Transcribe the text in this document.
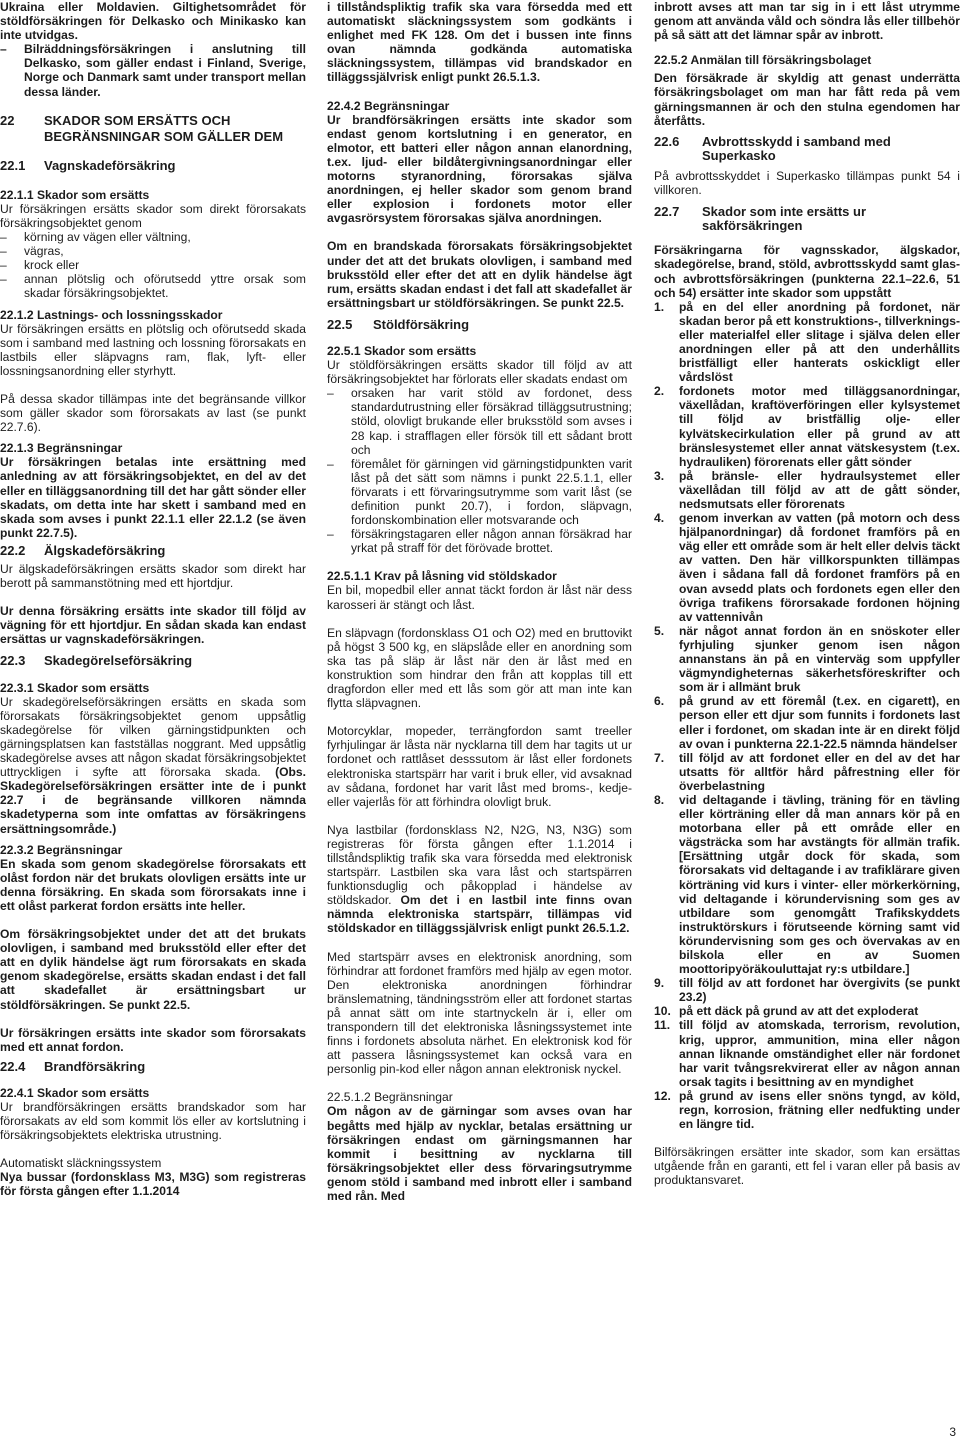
Ukraina eller Moldavien. Giltighetsområdet för stöldförsäkringen för Delkasko och Minikasko kan inte utvidgas.

–	Bilräddningsförsäkringen i anslutning till Delkasko, som gäller endast i Finland, Sverige, Norge och Danmark samt under transport mellan dessa länder.
22	SKADOR SOM ERSÄTTS OCH BEGRÄNSNINGAR SOM GÄLLER DEM
22.1	Vagnskadeförsäkring

22.1.1 Skador som ersätts

Ur försäkringen ersätts skador som direkt förorsakats försäkringsobjektet genom

–	körning av vägen eller vältning,
–	vägras,
–	krock eller
–	annan plötslig och oförutsedd yttre orsak som skadar försäkringsobjektet.

22.1.2 Lastnings- och lossningsskador

Ur försäkringen ersätts en plötslig och oförutsedd skada som i samband med lastning och lossning förorsakats en lastbils eller släpvagns ram, flak, lyft- eller lossningsanordning eller styrhytt.

På dessa skador tillämpas inte det begränsande villkor som gäller skador som förorsakats av last (se punkt 22.7.6).

22.1.3 Begränsningar

Ur försäkringen betalas inte ersättning med anledning av att försäkringsobjektet, en del av det eller en tilläggsanordning till det har gått sönder eller skadats, om detta inte har skett i samband med en skada som avses i punkt 22.1.1 eller 22.1.2 (se även punkt 22.7.5).

22.2	Älgskadeförsäkring

Ur älgskadeförsäkringen ersätts skador som direkt har berott på sammanstötning med ett hjortdjur.

Ur denna försäkring ersätts inte skador till följd av vägning för ett hjortdjur. En sådan skada kan endast ersättas ur vagnskadeförsäkringen.

22.3	Skadegörelseförsäkring

22.3.1 Skador som ersätts

Ur skadegörelseförsäkringen ersätts en skada som förorsakats försäkringsobjektet genom uppsåtlig skadegörelse för vilken gärningstidpunkten och gärningsplatsen kan fastställas noggrant. Med uppsåtlig skadegörelse avses att någon skadat försäkringsobjektet uttryckligen i syfte att förorsaka skada. (Obs. Skadegörelseförsäkringen ersätter inte de i punkt 22.7 i de begränsande villkoren nämnda skadetyperna som inte omfattas av försäkringens ersättningsområde.)

22.3.2 Begränsningar

En skada som genom skadegörelse förorsakats ett olåst fordon när det brukats olovligen ersätts inte ur denna försäkring. En skada som förorsakats inne i ett olåst parkerat fordon ersätts inte heller.

Om försäkringsobjektet under det att det brukats olovligen, i samband med bruksstöld eller efter det att en dylik händelse ägt rum förorsakats en skada genom skadegörelse, ersätts skadan endast i det fall att skadefallet är ersättningsbart ur stöldförsäkringen. Se punkt 22.5.

Ur försäkringen ersätts inte skador som förorsakats med ett annat fordon.

22.4	Brandförsäkring

22.4.1 Skador som ersätts

Ur brandförsäkringen ersätts brandskador som har förorsakats av eld som kommit lös eller av kortslutning i försäkringsobjektets elektriska utrustning.

Automatiskt släckningssystem

Nya bussar (fordonsklass M3, M3G) som registreras för första gången efter 1.1.2014

i tillståndspliktig trafik ska vara försedda med ett automatiskt släckningssystem som godkänts i enlighet med FK 128. Om det i bussen inte finns ovan nämnda godkända automatiska släckningssystem, tillämpas vid brandskador en tilläggssjälvrisk enligt punkt 26.5.1.3.

22.4.2 Begränsningar

Ur brandförsäkringen ersätts inte skador som endast genom kortslutning i en generator, en elmotor, ett batteri eller någon annan elanordning, t.ex. ljud- eller bildåtergivningsanordningar eller motorns styranordning, förorsakas själva anordningen, ej heller skador som genom brand eller explosion i fordonets motor eller avgasrörsystem förorsakas själva anordningen.

Om en brandskada förorsakats försäkringsobjektet under det att det brukats olovligen, i samband med bruksstöld eller efter det att en dylik händelse ägt rum, ersätts skadan endast i det fall att skadefallet är ersättningsbart ur stöldförsäkringen. Se punkt 22.5.

22.5	Stöldförsäkring

22.5.1 Skador som ersätts

Ur stöldförsäkringen ersätts skador till följd av att försäkringsobjektet har förlorats eller skadats endast om

–	orsaken har varit stöld av fordonet, dess standardutrustning eller försäkrad tilläggsutrustning; stöld, olovligt brukande eller bruksstöld som avses i 28 kap. i strafflagen eller försök till ett sådant brott och
–	föremålet för gärningen vid gärningstidpunkten varit låst på det sätt som nämns i punkt 22.5.1.1, eller förvarats i ett förvaringsutrymme som varit låst (se definition punkt 20.7), i fordon, släpvagn, fordonskombination eller motsvarande och
–	försäkringstagaren eller någon annan försäkrad har yrkat på straff för det förövade brottet.

22.5.1.1 Krav på låsning vid stöldskador

En bil, mopedbil eller annat täckt fordon är låst när dess karosseri är stängt och låst.

En släpvagn (fordonsklass O1 och O2) med en bruttovikt på högst 3 500 kg, en släpslåde eller en anordning som ska tas på släp är låst när den är låst med en konstruktion som hindrar den från att kopplas till ett dragfordon eller med ett lås som gör att man inte kan flytta släpvagnen.

Motorcyklar, mopeder, terrängfordon samt treeller fyrhjulingar är låsta när nycklarna till dem har tagits ut ur fordonet och rattlåset desssutom är låst eller fordonets elektroniska startspärr har varit i bruk eller, vid avsaknad av sådana, fordonet har varit låst med broms-, kedje- eller vajerlås för att förhindra olovligt bruk.

Nya lastbilar (fordonsklass N2, N2G, N3, N3G) som registreras för första gången efter 1.1.2014 i tillståndspliktig trafik ska vara försedda med elektronisk startspärr. Lastbilen ska vara låst och startspärren funktionsduglig och påkopplad i händelse av stöldskador. Om det i en lastbil inte finns ovan nämnda elektroniska startspärr, tillämpas vid stöldskador en tilläggssjälvrisk enligt punkt 26.5.1.2.

Med startspärr avses en elektronisk anordning, som förhindrar att fordonet framförs med hjälp av egen motor. Den elektroniska anordningen förhindrar bränslematning, tändningsström eller att fordonet startas på annat sätt om inte startnyckeln är i, eller om transpondern till det elektroniska låsningssystemet inte finns i fordonets absoluta närhet. En elektronisk kod för att passera låsningssystemet kan också vara en personlig pin-kod eller någon annan elektronisk nyckel.

22.5.1.2 Begränsningar

Om någon av de gärningar som avses ovan har begåtts med hjälp av nycklar, betalas ersättning ur försäkringen endast om gärningsmannen har kommit i besittning av nycklarna till försäkringsobjektet eller dess förvaringsutrymme genom stöld i samband med inbrott eller i samband med rån. Med

inbrott avses att man tar sig in i ett låst utrymme genom att använda våld och söndra lås eller tillbehör på så sätt att det lämnar spår av inbrott.

22.5.2 Anmälan till försäkringsbolaget

Den försäkrade är skyldig att genast underrätta försäkringsbolaget om man har fått reda på vem gärningsmannen är och den stulna egendomen har återfåtts.

22.6	Avbrottsskydd i samband med Superkasko

På avbrottsskyddet i Superkasko tillämpas punkt 54 i villkoren.

22.7	Skador som inte ersätts ur sakförsäkringen

Försäkringarna för vagnsskador, älgskador, skadegörelse, brand, stöld, avbrottsskydd samt glas- och avbrottsförsäkringen (punkterna 22.1–22.6, 51 och 54) ersätter inte skador som uppstått

1.	på en del eller anordning på fordonet, när skadan beror på ett konstruktions-, tillverknings- eller materialfel eller slitage i själva delen eller anordningen eller på att den underhållits bristfälligt eller hanterats oskickligt eller vårdslöst
2.	fordonets motor med tilläggsanordningar, växellådan, kraftöverföringen eller kylsystemet till följd av bristfällig olje- eller kylvätskecirkulation eller på grund av att bränslesystemet eller annat vätskesystem (t.ex. hydrauliken) förorenats eller gått sönder
3.	på bränsle- eller hydraulsystemet eller växellådan till följd av att de gått sönder, nedsmutsats eller förorenats
4.	genom inverkan av vatten (på motorn och dess hjälpanordningar) då fordonet framförs på en väg eller ett område som är helt eller delvis täckt av vatten. Den här villkorspunkten tillämpas även i sådana fall då fordonet framförs på en ovan avsedd plats och fordonets egen eller den övriga trafikens förorsakade fordonen höjning av vattennivån
5.	när något annat fordon än en snöskoter eller fyrhjuling sjunker genom isen någon annanstans än på en vinterväg som uppfyller vägmyndigheternas säkerhetsföreskrifter och som är i allmänt bruk
6.	på grund av ett föremål (t.ex. en cigarett), en person eller ett djur som funnits i fordonets last eller i fordonet, om skadan inte är en direkt följd av ovan i punkterna 22.1-22.5 nämnda händelser
7.	till följd av att fordonet eller en del av det har utsatts för alltför hård påfrestning eller för överbelastning
8.	vid deltagande i tävling, träning för en tävling eller körträning eller då man annars kör på en motorbana eller på ett område eller en vägsträcka som har avstängts för allmän trafik. [Ersättning utgår dock för skada, som förorsakats vid deltagande i av trafiklärare given körträning vid kurs i vinter- eller mörkerkörning, vid deltagande i körundervisning som ges av utbildare som genomgått Trafikskyddets instruktörskurs i förutseende körning samt vid körundervisning som ges och övervakas av en bilskola eller en av Suomen moottoripyöräkouluttajat ry:s utbildare.]
9.	till följd av att fordonet har övergivits (se punkt 23.2)
10. på ett däck på grund av att det exploderat
11. till följd av atomskada, terrorism, revolution, krig, uppror, ammunition, mina eller någon annan liknande omständighet eller när fordonet har varit tvångsrekvirerat eller av någon annan orsak tagits i besittning av en myndighet
12. på grund av isens eller snöns tyngd, av köld, regn, korrosion, frätning eller nedfukting under en längre tid.

Bilförsäkringen ersätter inte skador, som kan ersättas utgående från en garanti, ett fel i varan eller på basis av produktansvaret.

3
